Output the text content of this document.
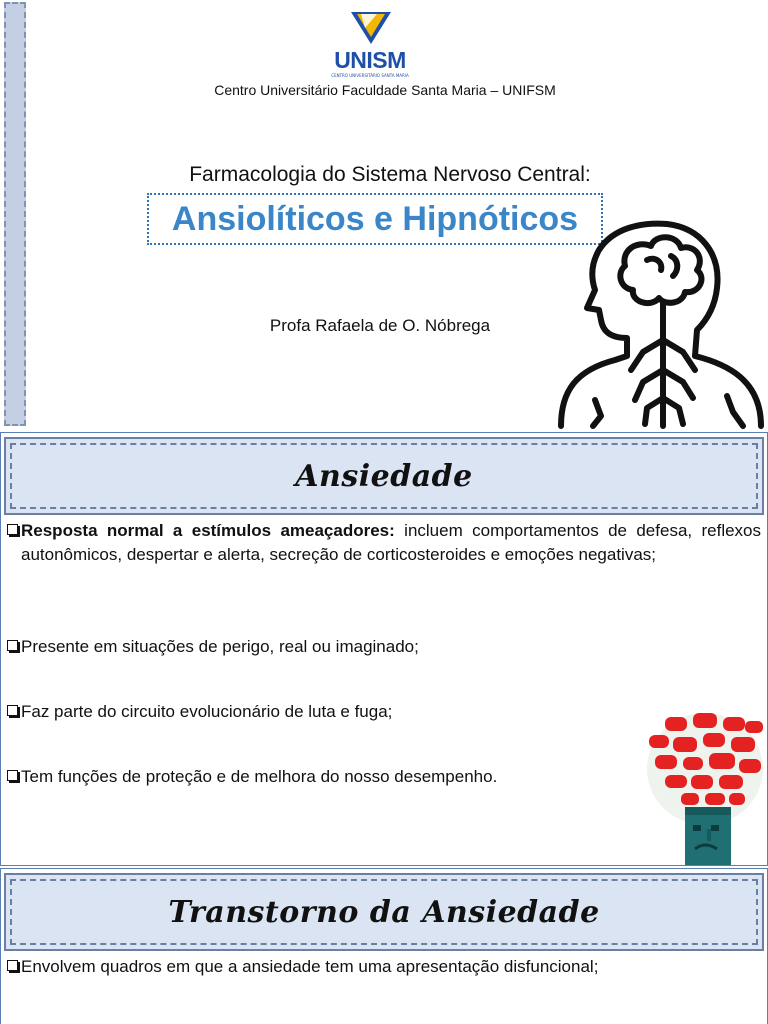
UNISM
CENTRO UNIVERSITÁRIO SANTA MARIA
Centro Universitário Faculdade Santa Maria – UNIFSM
Farmacologia do Sistema Nervoso Central:
Ansiolíticos e Hipnóticos
Profa Rafaela de O. Nóbrega
Ansiedade
Resposta normal a estímulos ameaçadores: incluem comportamentos de defesa, reflexos autonômicos, despertar e alerta, secreção de corticosteroides e emoções negativas;
Presente em situações de perigo, real ou imaginado;
Faz parte do circuito evolucionário de luta e fuga;
Tem funções de proteção e de melhora do nosso desempenho.
Transtorno da Ansiedade
Envolvem quadros em que a ansiedade tem uma apresentação disfuncional;
